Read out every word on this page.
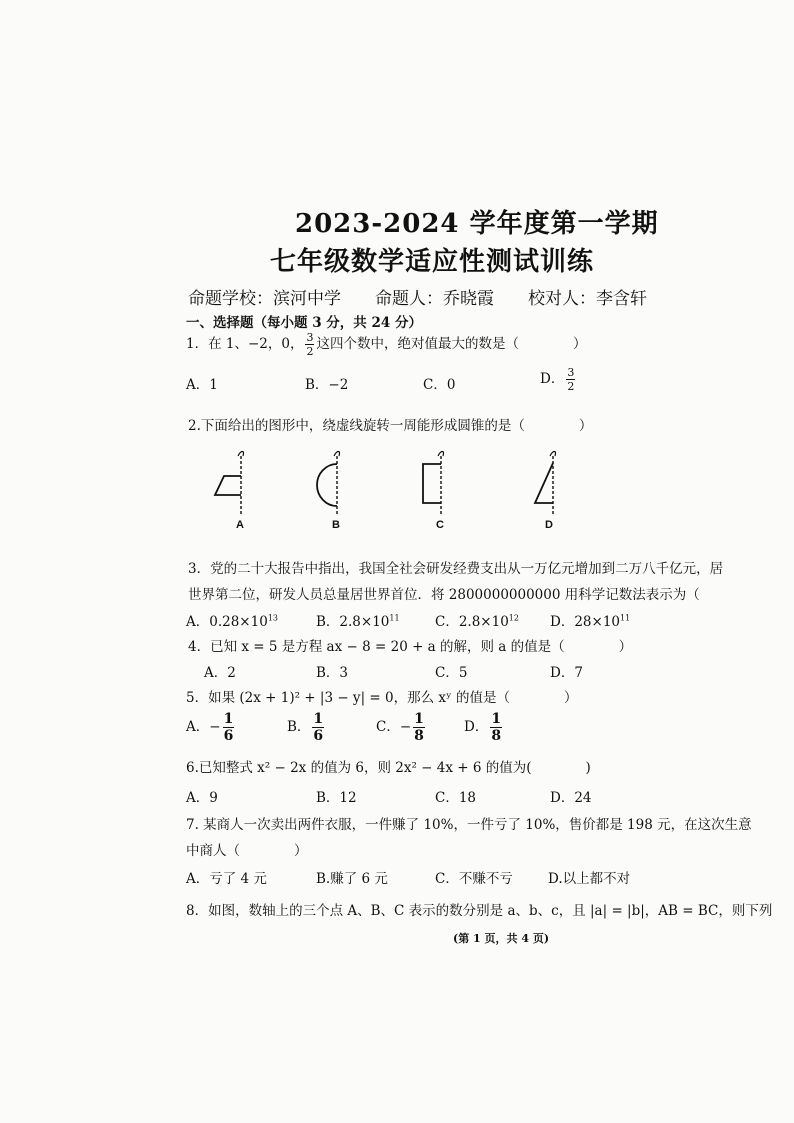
2023-2024 学年度第一学期
七年级数学适应性测试训练
命题学校：滨河中学　　命题人：乔晓霞　　校对人：李含轩
一、选择题（每小题 3 分，共 24 分）
1．在 1、−2，0， $\frac{3}{2}$ 这四个数中，绝对值最大的数是（　　　　）
A．1	B．−2	C．0	D． $\frac{3}{2}$
2.下面给出的图形中，绕虚线旋转一周能形成圆锥的是（　　　　）
A	B	C	D
3．党的二十大报告中指出，我国全社会研发经费支出从一万亿元增加到二万八千亿元，居
世界第二位，研发人员总量居世界首位．将 2800000000000 用科学记数法表示为（
A．$0.28\times 10^{13}$	B．$2.8\times 10^{11}$	C．$2.8\times 10^{12}$ D．$28\times 10^{11}$
4．已知 x = 5 是方程 ax − 8 = 20 + a 的解，则 a 的值是（　　　　）
A．2	B．3	C．5	D．7
5．如果 (2x + 1)² + |3 − y| = 0，那么 xʸ 的值是（　　　　）
A．− $\frac{1}{6}$	B． $\frac{1}{6}$	C．− $\frac{1}{8}$	D． $\frac{1}{8}$
6.已知整式 x² − 2x 的值为 6，则 2x² − 4x + 6 的值为(　　　　)
A．9	B．12	C．18	D．24
7. 某商人一次卖出两件衣服，一件赚了 10%，一件亏了 10%，售价都是 198 元，在这次生意
中商人（　　　　）
A．亏了 4 元	B.赚了 6 元	C．不赚不亏	D.以上都不对
8．如图，数轴上的三个点 A、B、C 表示的数分别是 a、b、c，且 |a| = |b|，AB = BC，则下列
(第 1 页，共 4 页)
